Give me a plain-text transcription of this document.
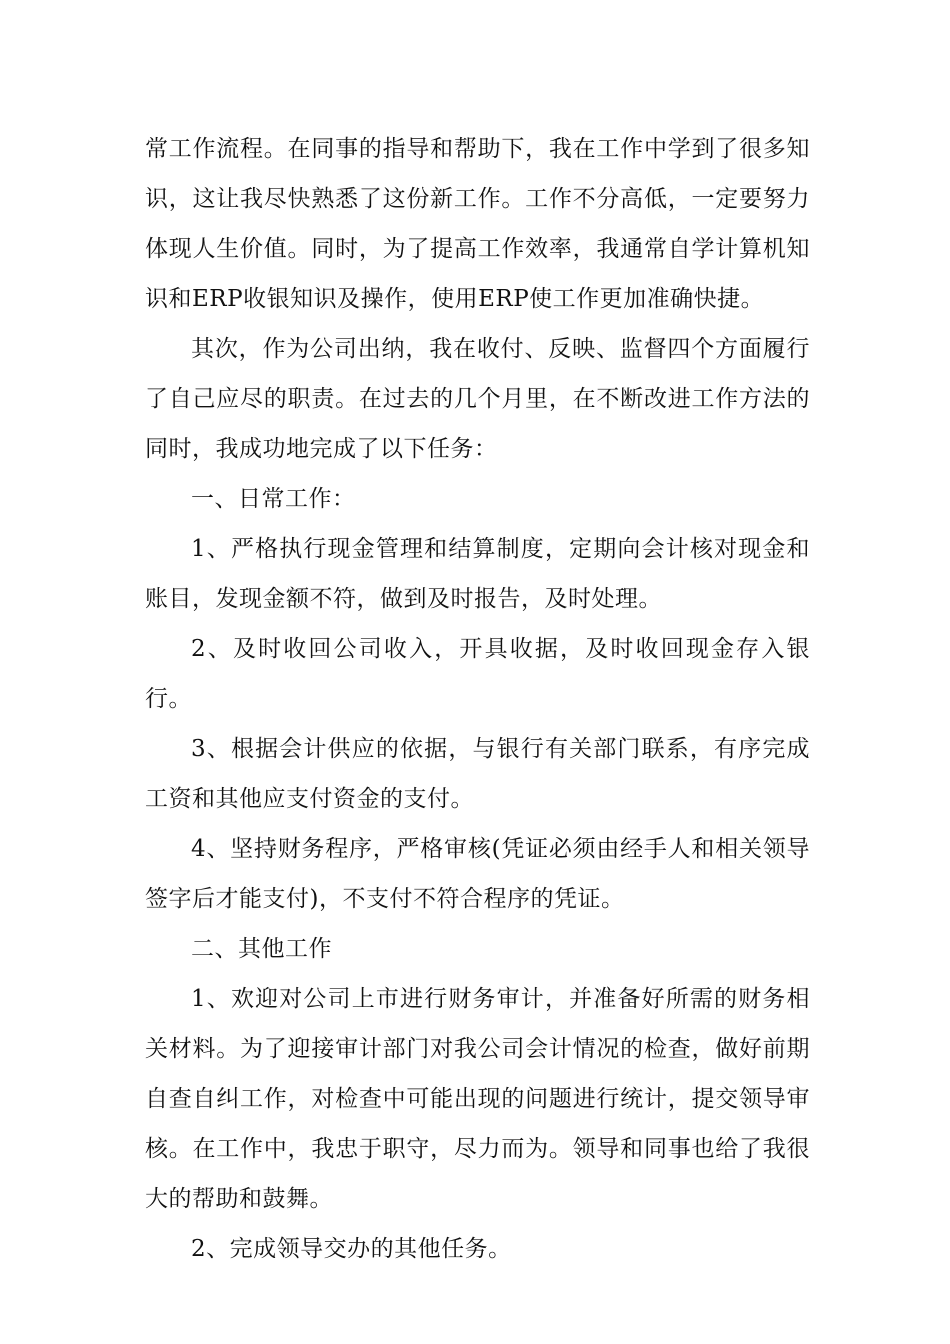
常工作流程。在同事的指导和帮助下，我在工作中学到了很多知识，这让我尽快熟悉了这份新工作。工作不分高低，一定要努力体现人生价值。同时，为了提高工作效率，我通常自学计算机知识和ERP收银知识及操作，使用ERP使工作更加准确快捷。

其次，作为公司出纳，我在收付、反映、监督四个方面履行了自己应尽的职责。在过去的几个月里，在不断改进工作方法的同时，我成功地完成了以下任务：

一、日常工作：

1、严格执行现金管理和结算制度，定期向会计核对现金和账目，发现金额不符，做到及时报告，及时处理。

2、及时收回公司收入，开具收据，及时收回现金存入银行。

3、根据会计供应的依据，与银行有关部门联系，有序完成工资和其他应支付资金的支付。

4、坚持财务程序，严格审核(凭证必须由经手人和相关领导签字后才能支付)，不支付不符合程序的凭证。

二、其他工作

1、欢迎对公司上市进行财务审计，并准备好所需的财务相关材料。为了迎接审计部门对我公司会计情况的检查，做好前期自查自纠工作，对检查中可能出现的问题进行统计，提交领导审核。在工作中，我忠于职守，尽力而为。领导和同事也给了我很大的帮助和鼓舞。

2、完成领导交办的其他任务。
